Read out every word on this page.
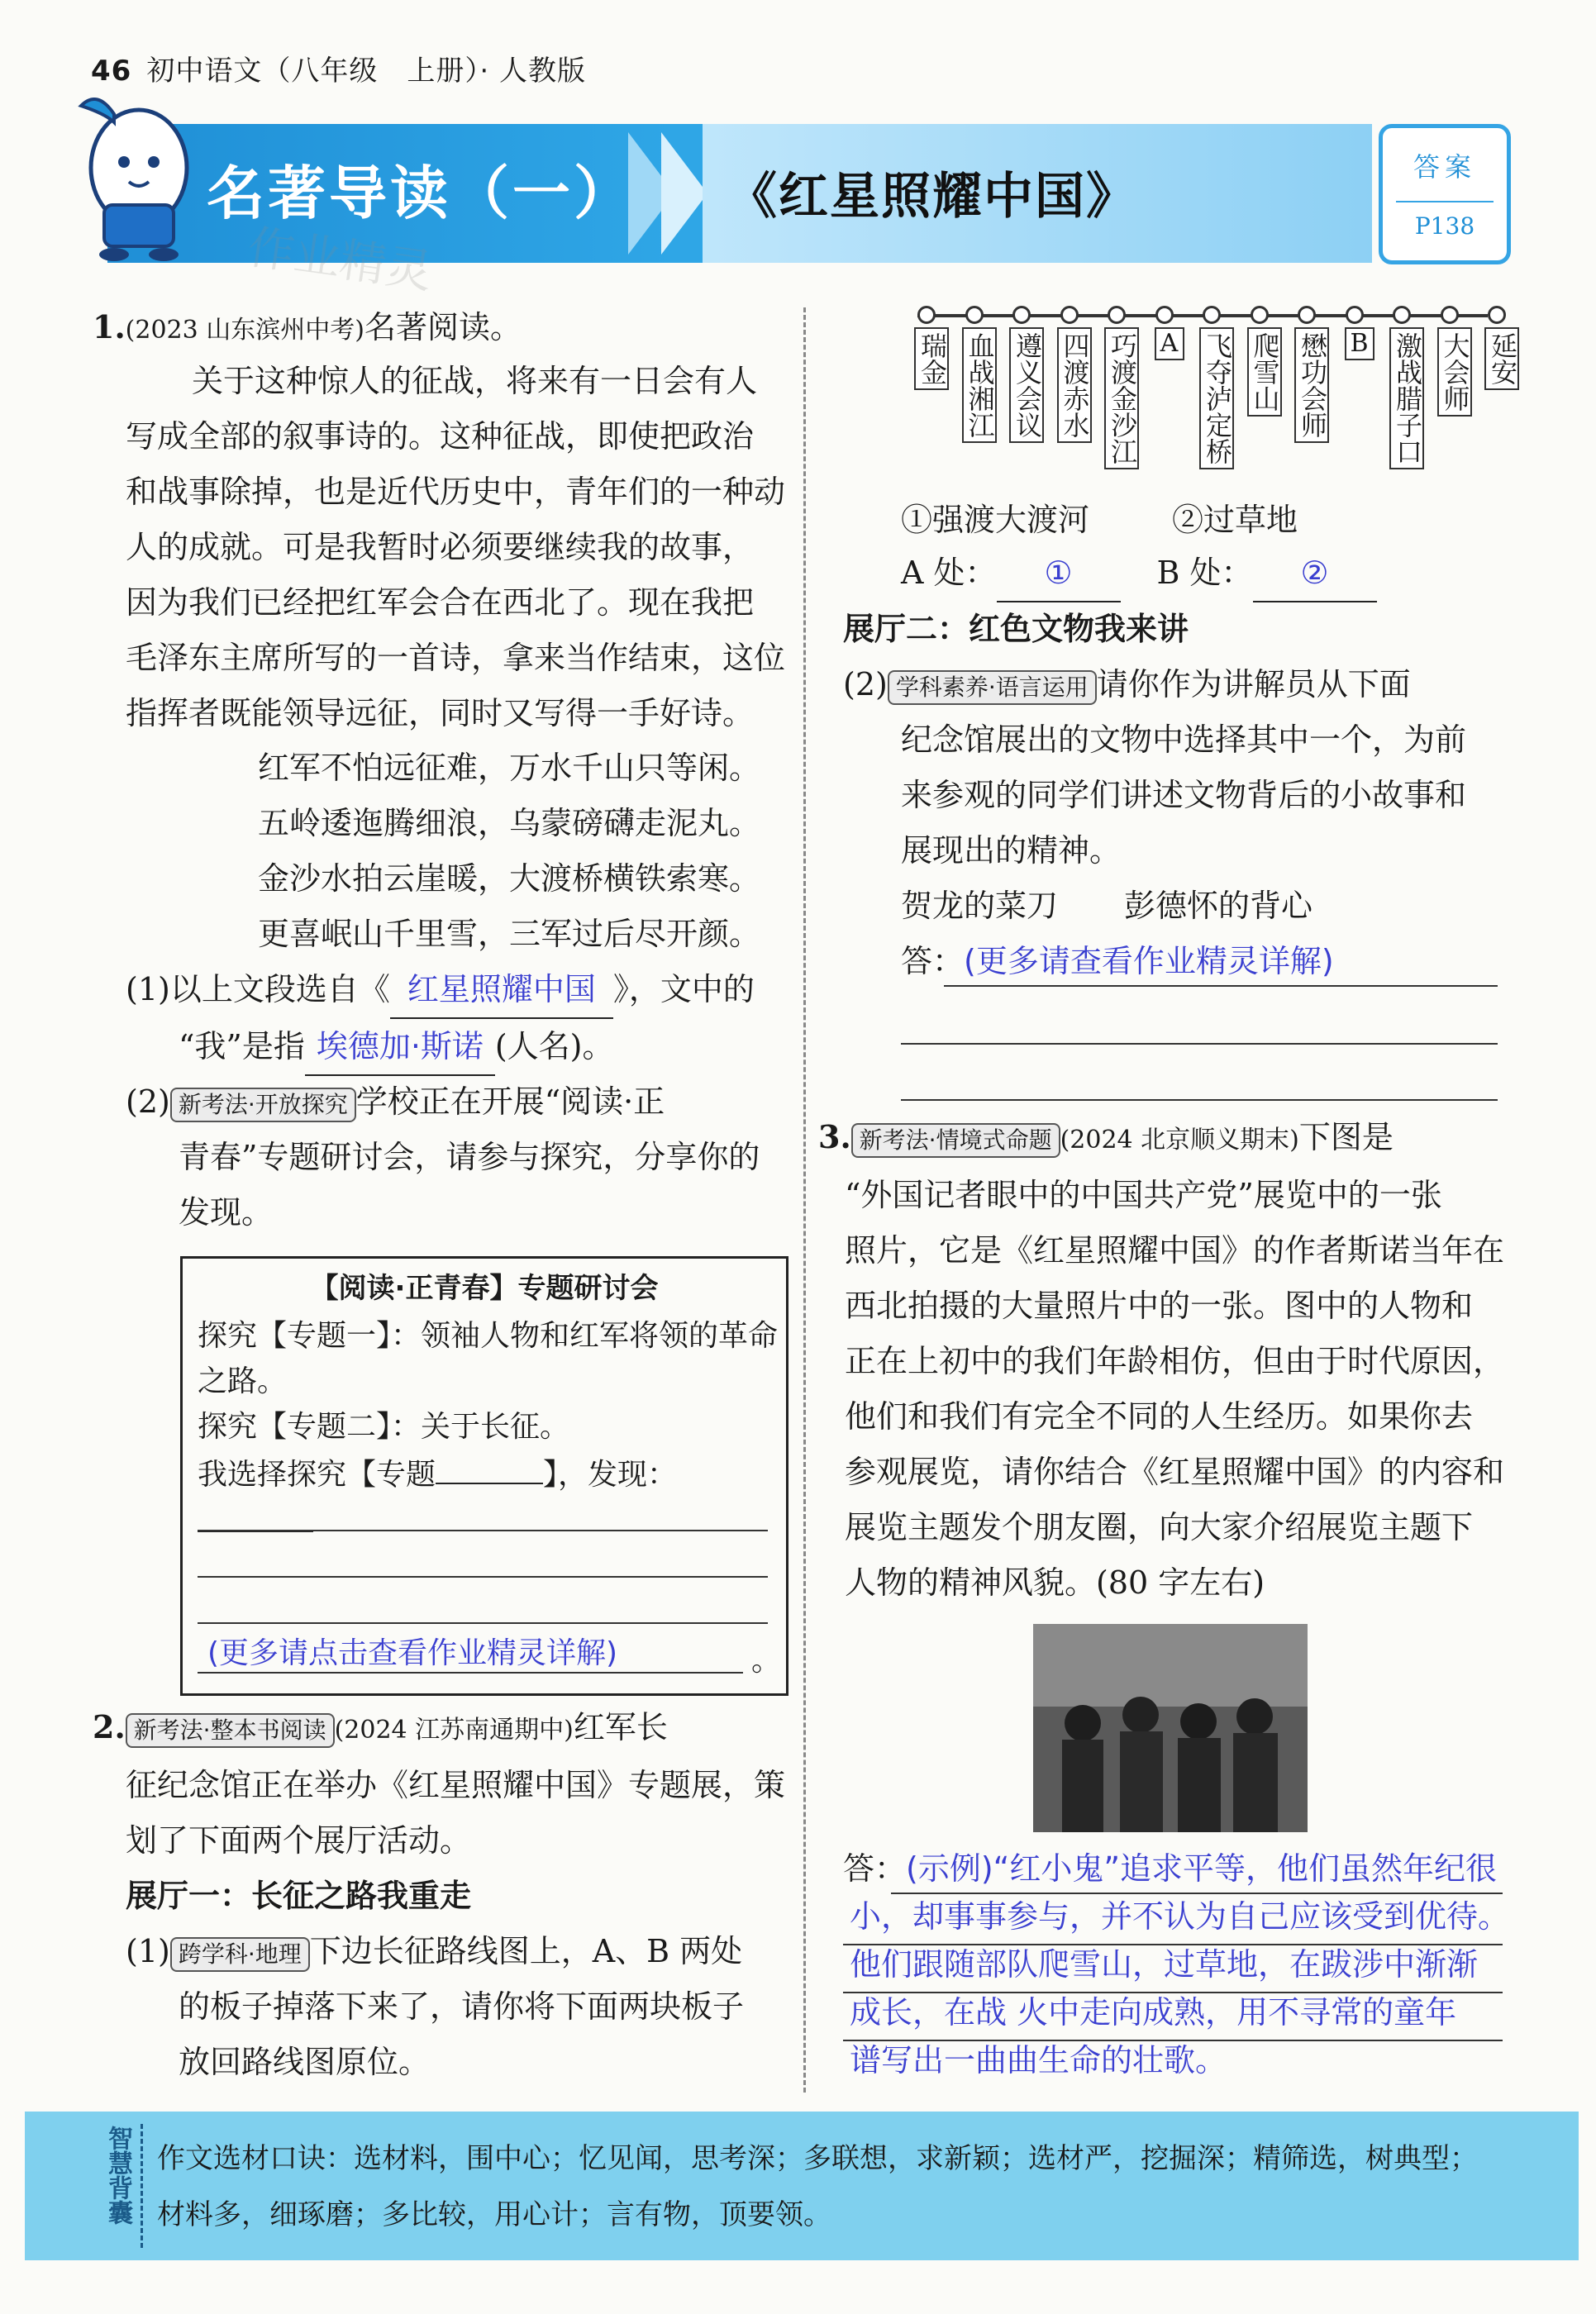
46 初中语文（八年级　上册）· 人教版
名著导读（一） 《红星照耀中国》
作业精灵
答案
P138
1.(2023 山东滨州中考)名著阅读。
关于这种惊人的征战，将来有一日会有人
写成全部的叙事诗的。这种征战，即使把政治
和战事除掉，也是近代历史中，青年们的一种动
人的成就。可是我暂时必须要继续我的故事，
因为我们已经把红军会合在西北了。现在我把
毛泽东主席所写的一首诗，拿来当作结束，这位
指挥者既能领导远征，同时又写得一手好诗。
红军不怕远征难，万水千山只等闲。
五岭逶迤腾细浪，乌蒙磅礴走泥丸。
金沙水拍云崖暖，大渡桥横铁索寒。
更喜岷山千里雪，三军过后尽开颜。
(1)以上文段选自《 红星照耀中国 》，文中的
“我”是指 埃德加·斯诺 (人名)。
(2) 新考法·开放探究 学校正在开展“阅读·正
青春”专题研讨会，请参与探究，分享你的
发现。
【阅读·正青春】专题研讨会
探究【专题一】：领袖人物和红军将领的革命
之路。
探究【专题二】：关于长征。
我选择探究【专题	】，发现：
(更多请点击查看作业精灵详解)	。
2. 新考法·整本书阅读 (2024 江苏南通期中)红军长
征纪念馆正在举办《红星照耀中国》专题展，策
划了下面两个展厅活动。
展厅一：长征之路我重走
(1) 跨学科·地理 下边长征路线图上，A、B 两处
的板子掉落下来了，请你将下面两块板子
放回路线图原位。
瑞金 血战湘江 遵义会议 四渡赤水 巧渡金沙江 A 飞夺泸定桥 爬雪山 懋功会师 B 激战腊子口 大会师 延安
①强渡大渡河	②过草地
A 处： ①	B 处： ②
展厅二：红色文物我来讲
(2) 学科素养·语言运用 请你作为讲解员从下面
纪念馆展出的文物中选择其中一个，为前
来参观的同学们讲述文物背后的小故事和
展现出的精神。
贺龙的菜刀 彭德怀的背心
答：(更多请查看作业精灵详解)
3. 新考法·情境式命题 (2024 北京顺义期末)下图是
“外国记者眼中的中国共产党”展览中的一张
照片，它是《红星照耀中国》的作者斯诺当年在
西北拍摄的大量照片中的一张。图中的人物和
正在上初中的我们年龄相仿，但由于时代原因，
他们和我们有完全不同的人生经历。如果你去
参观展览，请你结合《红星照耀中国》的内容和
展览主题发个朋友圈，向大家介绍展览主题下
人物的精神风貌。(80 字左右)
答：(示例)“红小鬼”追求平等，他们虽然年纪很
小，却事事参与，并不认为自己应该受到优待。
他们跟随部队爬雪山，过草地，在跋涉中渐渐
成长，在战 火中走向成熟，用不寻常的童年
谱写出一曲曲生命的壮歌。
智慧背囊 作文选材口诀：选材料，围中心；忆见闻，思考深；多联想，求新颖；选材严，挖掘深；精筛选，树典型；
材料多，细琢磨；多比较，用心计；言有物，顶要领。
